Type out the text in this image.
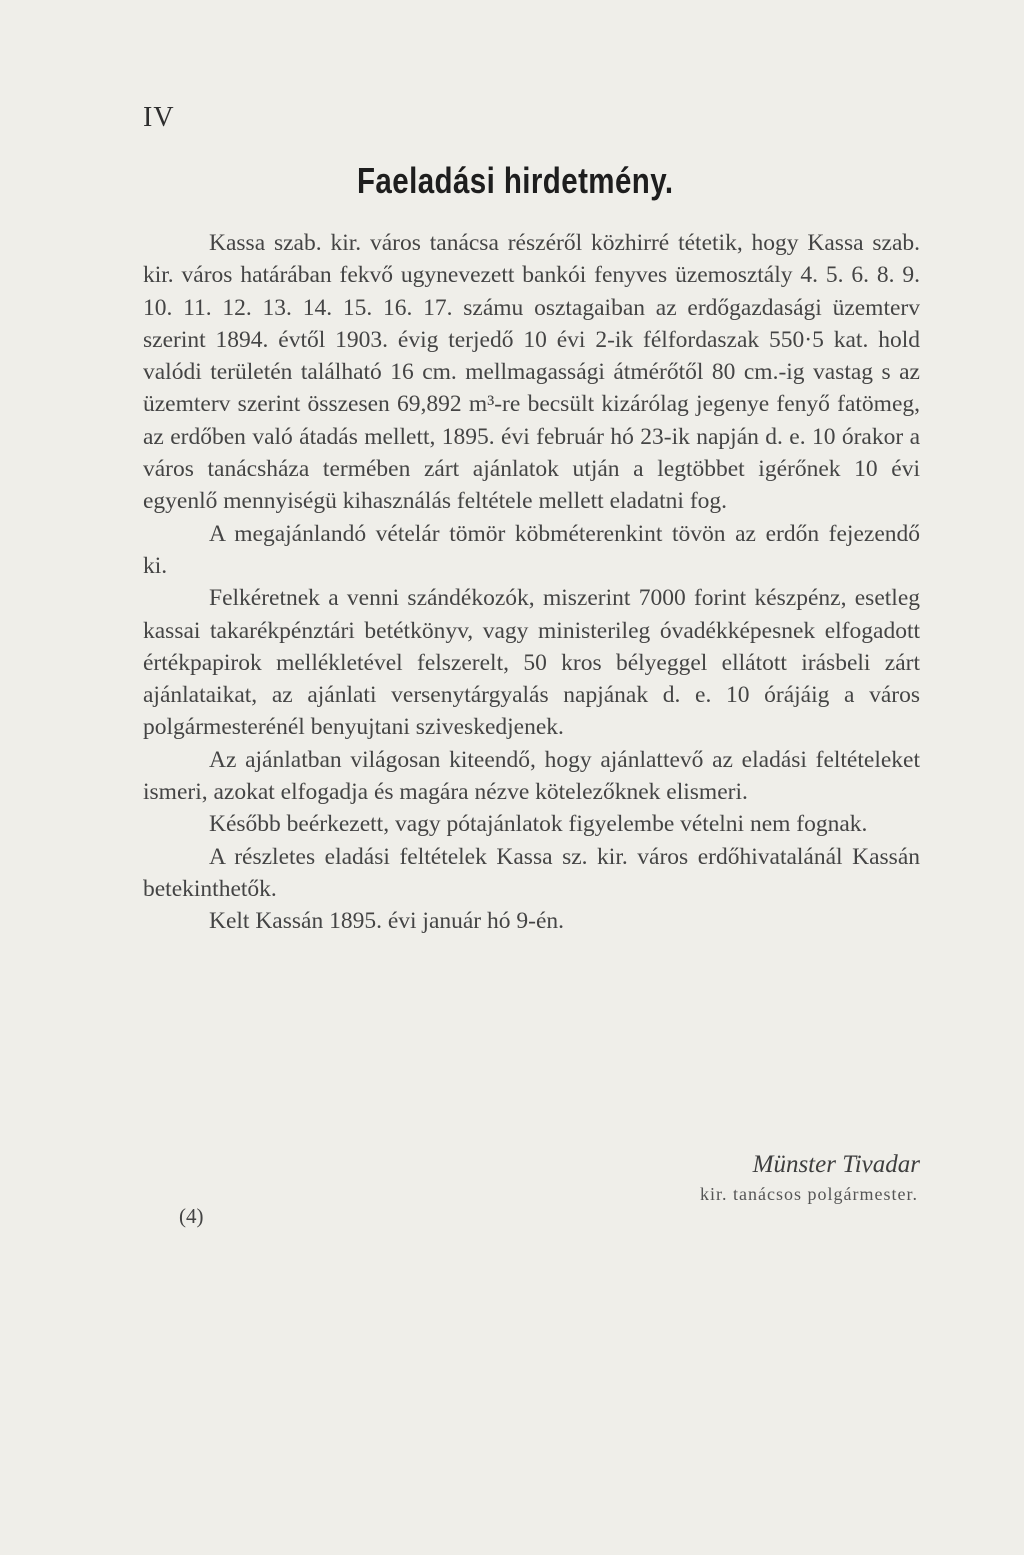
IV
Faeladási hirdetmény.

Kassa szab. kir. város tanácsa részéről közhirré tétetik, hogy Kassa szab. kir. város határában fekvő ugynevezett bankói fenyves üzemosztály 4. 5. 6. 8. 9. 10. 11. 12. 13. 14. 15. 16. 17. számu osztagaiban az erdőgazdasági üzemterv szerint 1894. évtől 1903. évig terjedő 10 évi 2-ik félfordaszak 550·5 kat. hold valódi területén található 16 cm. mellmagassági átmérőtől 80 cm.-ig vastag s az üzemterv szerint összesen 69,892 m³-re becsült kizárólag jegenye fenyő fatömeg, az erdőben való átadás mellett, 1895. évi február hó 23-ik napján d. e. 10 órakor a város tanácsháza termében zárt ajánlatok utján a legtöbbet igérőnek 10 évi egyenlő mennyiségü kihasználás feltétele mellett eladatni fog.

A megajánlandó vételár tömör köbméterenkint tövön az erdőn fejezendő ki.

Felkéretnek a venni szándékozók, miszerint 7000 forint készpénz, esetleg kassai takarékpénztári betétkönyv, vagy ministerileg óvadékképesnek elfogadott értékpapirok mellékletével felszerelt, 50 kros bélyeggel ellátott irásbeli zárt ajánlataikat, az ajánlati versenytárgyalás napjának d. e. 10 órájáig a város polgármesterénél benyujtani sziveskedjenek.

Az ajánlatban világosan kiteendő, hogy ajánlattevő az eladási feltételeket ismeri, azokat elfogadja és magára nézve kötelezőknek elismeri.

Később beérkezett, vagy pótajánlatok figyelembe vételni nem fognak.

A részletes eladási feltételek Kassa sz. kir. város erdőhivatalánál Kassán betekinthetők.

Kelt Kassán 1895. évi január hó 9-én.

Münster Tivadar
kir. tanácsos polgármester.
(4)
